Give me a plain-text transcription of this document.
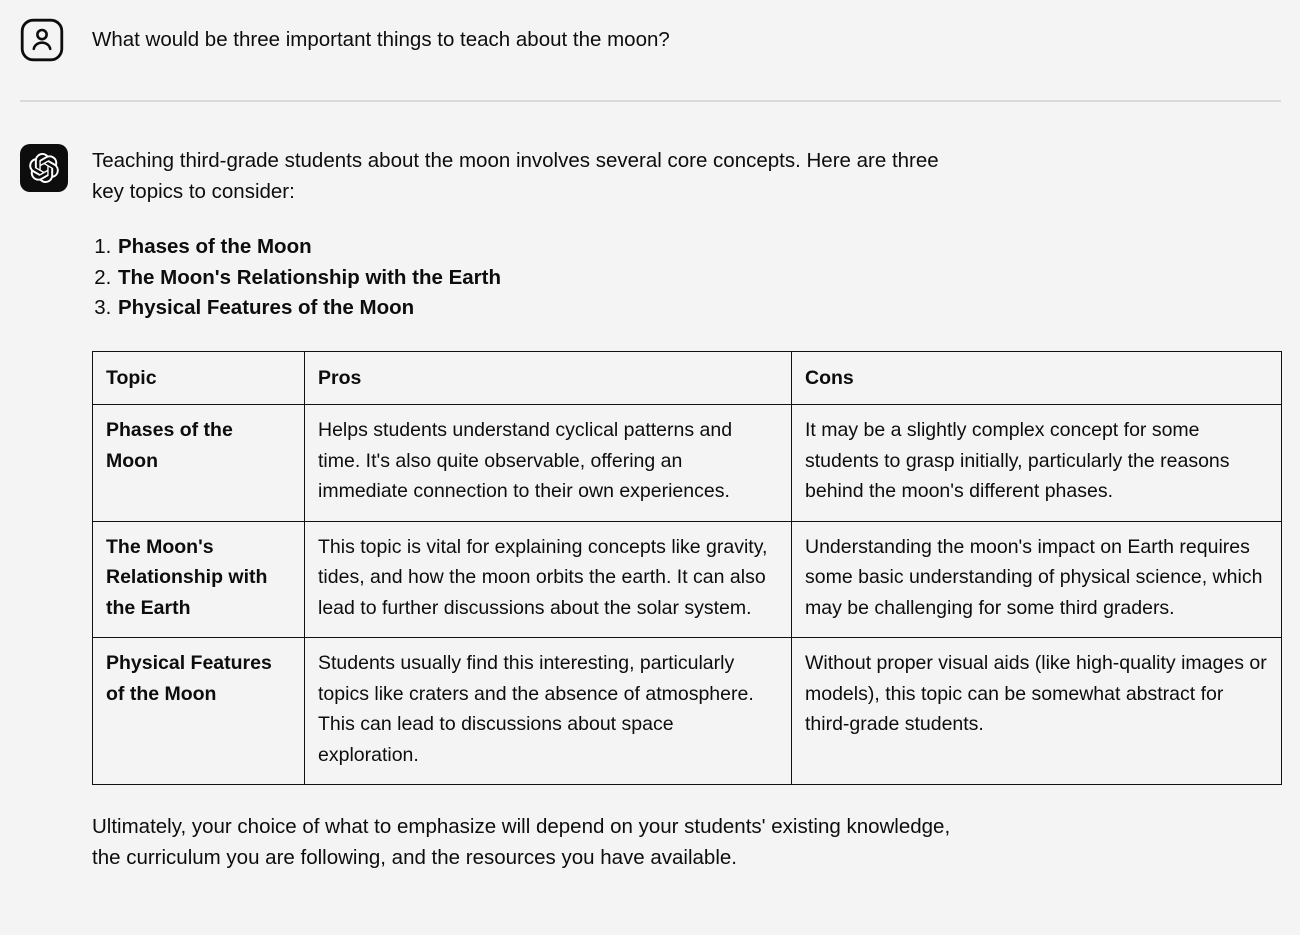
What would be three important things to teach about the moon?

Teaching third-grade students about the moon involves several core concepts. Here are three key topics to consider:

1. Phases of the Moon
2. The Moon's Relationship with the Earth
3. Physical Features of the Moon
Topic	Pros	Cons
Phases of the Moon	Helps students understand cyclical patterns and time. It's also quite observable, offering an immediate connection to their own experiences.	It may be a slightly complex concept for some students to grasp initially, particularly the reasons behind the moon's different phases.
The Moon's Relationship with the Earth	This topic is vital for explaining concepts like gravity, tides, and how the moon orbits the earth. It can also lead to further discussions about the solar system.	Understanding the moon's impact on Earth requires some basic understanding of physical science, which may be challenging for some third graders.
Physical Features of the Moon	Students usually find this interesting, particularly topics like craters and the absence of atmosphere. This can lead to discussions about space exploration.	Without proper visual aids (like high-quality images or models), this topic can be somewhat abstract for third-grade students.

Ultimately, your choice of what to emphasize will depend on your students' existing knowledge, the curriculum you are following, and the resources you have available.
